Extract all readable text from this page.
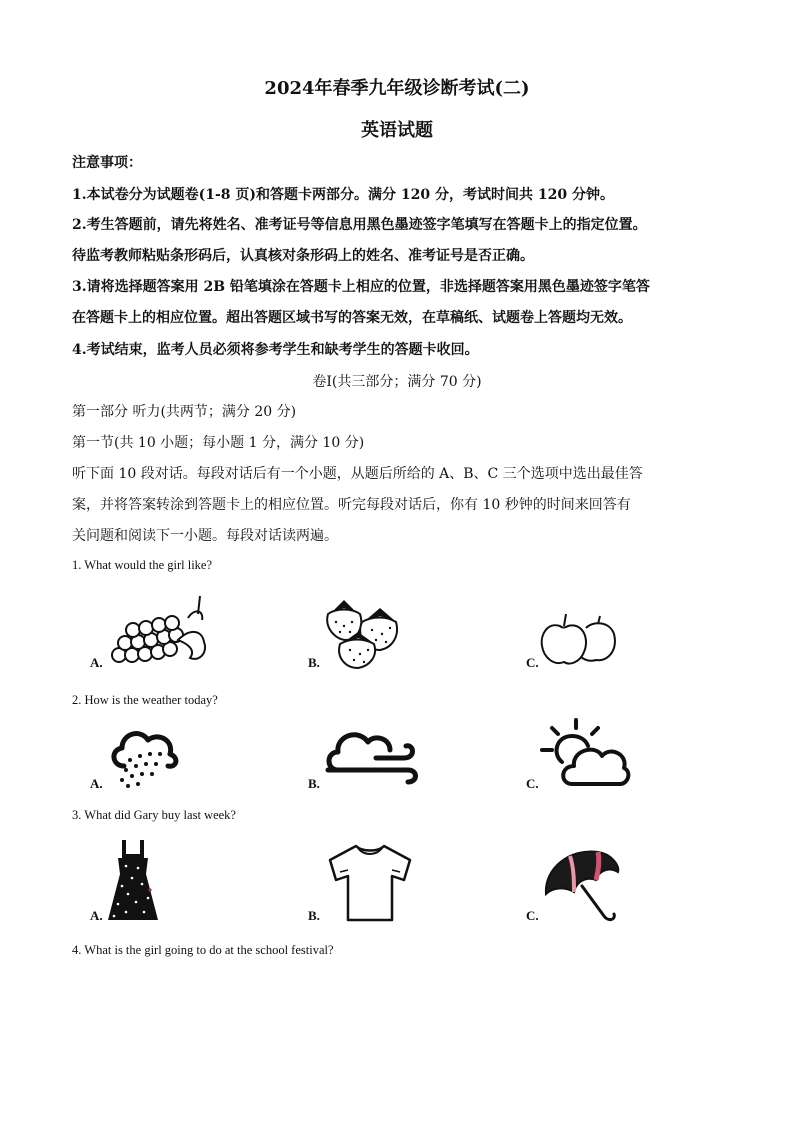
2024年春季九年级诊断考试(二)
英语试题
注意事项：
1.本试卷分为试题卷(1-8 页)和答题卡两部分。满分 120 分，考试时间共 120 分钟。
2.考生答题前，请先将姓名、准考证号等信息用黑色墨迹签字笔填写在答题卡上的指定位置。
待监考教师粘贴条形码后，认真核对条形码上的姓名、准考证号是否正确。
3.请将选择题答案用 2B 铅笔填涂在答题卡上相应的位置，非选择题答案用黑色墨迹签字笔答
在答题卡上的相应位置。超出答题区域书写的答案无效，在草稿纸、试题卷上答题均无效。
4.考试结束，监考人员必须将参考学生和缺考学生的答题卡收回。
卷Ⅰ(共三部分；满分 70 分)
第一部分 听力(共两节；满分 20 分)
第一节(共 10 小题；每小题 1 分，满分 10 分)
听下面 10 段对话。每段对话后有一个小题，从题后所给的 A、B、C 三个选项中选出最佳答
案，并将答案转涂到答题卡上的相应位置。听完每段对话后，你有 10 秒钟的时间来回答有
关问题和阅读下一小题。每段对话读两遍。
1. What would the girl like?
A.	B.	C.
2. How is the weather today?
A.	B.	C.
3. What did Gary buy last week?
A.	B.	C.
4. What is the girl going to do at the school festival?
